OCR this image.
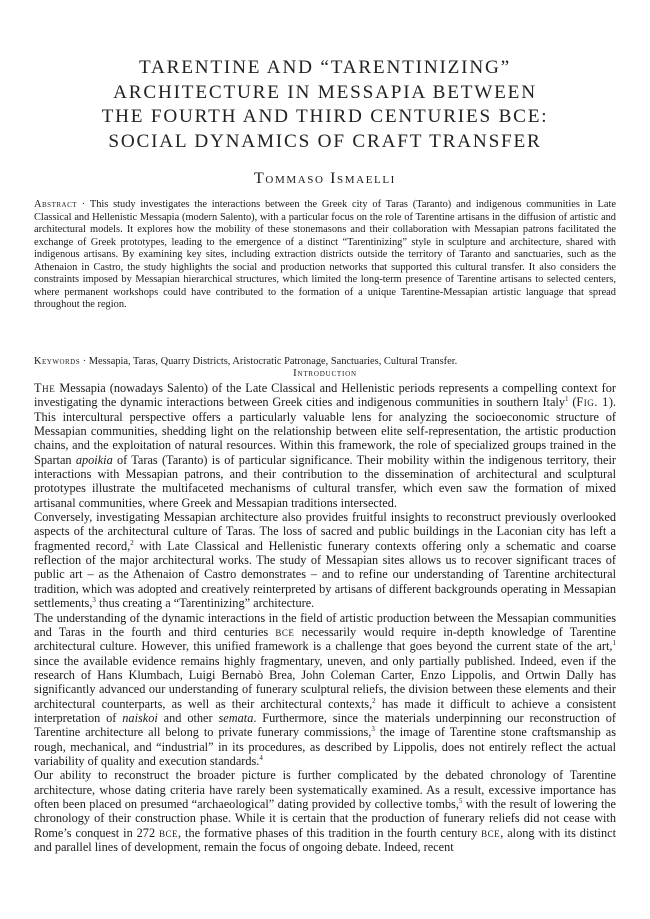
TARENTINE AND “TARENTINIZING”
ARCHITECTURE IN MESSAPIA BETWEEN
THE FOURTH AND THIRD CENTURIES BCE:
SOCIAL DYNAMICS OF CRAFT TRANSFER
Tommaso Ismaelli

Abstract · This study investigates the interactions between the Greek city of Taras (Taranto) and indigenous communities in Late Classical and Hellenistic Messapia (modern Salento), with a particular focus on the role of Tarentine artisans in the diffusion of artistic and architectural models. It explores how the mobility of these stonemasons and their collaboration with Messapian patrons facilitated the exchange of Greek prototypes, leading to the emergence of a distinct “Tarentinizing” style in sculpture and architecture, shared with indigenous artisans. By examining key sites, including extraction districts outside the territory of Taranto and sanctuaries, such as the Athenaion in Castro, the study highlights the social and production networks that supported this cultural transfer. It also considers the constraints imposed by Messapian hierarchical structures, which limited the long-term presence of Tarentine artisans to selected centers, where permanent workshops could have contributed to the formation of a unique Tarentine-Messapian artistic language that spread throughout the region.

Keywords · Messapia, Taras, Quarry Districts, Aristocratic Patronage, Sanctuaries, Cultural Transfer.
Introduction

The Messapia (nowadays Salento) of the Late Classical and Hellenistic periods represents a compelling context for investigating the dynamic interactions between Greek cities and indigenous communities in southern Italy$^1$ (Fig. 1). This intercultural perspective offers a particularly valuable lens for analyzing the socioeconomic structure of Messapian communities, shedding light on the relationship between elite self-representation, the artistic production chains, and the exploitation of natural resources. Within this framework, the role of specialized groups trained in the Spartan apoikia of Taras (Taranto) is of particular significance. Their mobility within the indigenous territory, their interactions with Messapian patrons, and their contribution to the dissemination of architectural and sculptural prototypes illustrate the multifaceted mechanisms of cultural transfer, which even saw the formation of mixed artisanal communities, where Greek and Messapian traditions intersected.

Conversely, investigating Messapian architecture also provides fruitful insights to reconstruct previously overlooked aspects of the architectural culture of Taras. The loss of sacred and public buildings in the Laconian city has left a fragmented record,$^2$ with Late Classical and Hellenistic funerary contexts offering only a schematic and coarse reflection of the major architectural works. The study of Messapian sites allows us to recover significant traces of public art – as the Athenaion of Castro demonstrates – and to refine our understanding of Tarentine architectural tradition, which was adopted and creatively reinterpreted by artisans of different backgrounds operating in Messapian settlements,$^3$ thus creating a “Tarentinizing” architecture.

The understanding of the dynamic interactions in the field of artistic production between the Messapian communities and Taras in the fourth and third centuries bce necessarily would require in-depth knowledge of Tarentine architectural culture. However, this unified framework is a challenge that goes beyond the current state of the art,$^1$ since the available evidence remains highly fragmentary, uneven, and only partially published. Indeed, even if the research of Hans Klumbach, Luigi Bernabò Brea, John Coleman Carter, Enzo Lippolis, and Ortwin Dally has significantly advanced our understanding of funerary sculptural reliefs, the division between these elements and their architectural counterparts, as well as their architectural contexts,$^2$ has made it difficult to achieve a consistent interpretation of naiskoi and other semata. Furthermore, since the materials underpinning our reconstruction of Tarentine architecture all belong to private funerary commissions,$^3$ the image of Tarentine stone craftsmanship as rough, mechanical, and “industrial” in its procedures, as described by Lippolis, does not entirely reflect the actual variability of quality and execution standards.$^4$

Our ability to reconstruct the broader picture is further complicated by the debated chronology of Tarentine architecture, whose dating criteria have rarely been systematically examined. As a result, excessive importance has often been placed on presumed “archaeological” dating provided by collective tombs,$^5$ with the result of lowering the chronology of their construction phase. While it is certain that the production of funerary reliefs did not cease with Rome’s conquest in 272 bce, the formative phases of this tradition in the fourth century bce, along with its distinct and parallel lines of development, remain the focus of ongoing debate. Indeed, recent
